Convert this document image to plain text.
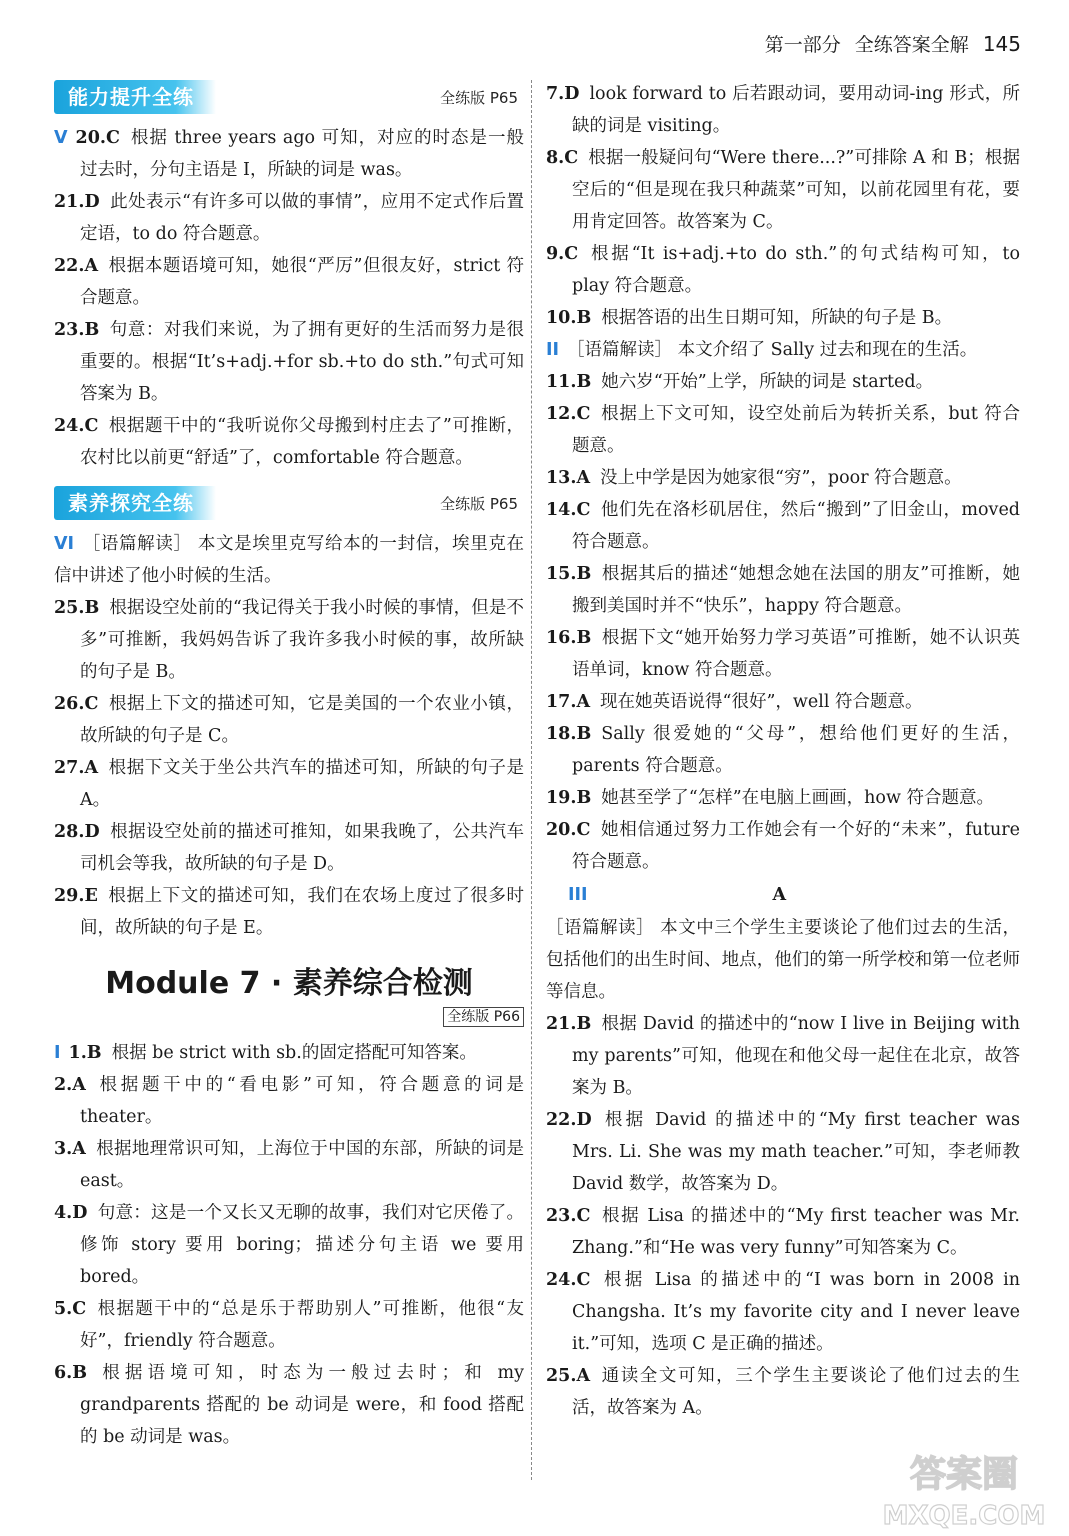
第一部分 全练答案全解 145
能力提升全练	全练版 P65

V 20.C 根据 three years ago 可知，对应的时态是一般过去时，分句主语是 I，所缺的词是 was。

21.D 此处表示“有许多可以做的事情”，应用不定式作后置定语，to do 符合题意。

22.A 根据本题语境可知，她很“严厉”但很友好，strict 符合题意。

23.B 句意：对我们来说，为了拥有更好的生活而努力是很重要的。根据“It’s+adj.+for sb.+to do sth.”句式可知答案为 B。

24.C 根据题干中的“我听说你父母搬到村庄去了”可推断，农村比以前更“舒适”了，comfortable 符合题意。

素养探究全练	全练版 P65

VI ［语篇解读］ 本文是埃里克写给本的一封信，埃里克在信中讲述了他小时候的生活。

25.B 根据设空处前的“我记得关于我小时候的事情，但是不多”可推断，我妈妈告诉了我许多我小时候的事，故所缺的句子是 B。

26.C 根据上下文的描述可知，它是美国的一个农业小镇，故所缺的句子是 C。

27.A 根据下文关于坐公共汽车的描述可知，所缺的句子是 A。

28.D 根据设空处前的描述可推知，如果我晚了，公共汽车司机会等我，故所缺的句子是 D。

29.E 根据上下文的描述可知，我们在农场上度过了很多时间，故所缺的句子是 E。

Module 7 · 素养综合检测
全练版 P66

I 1.B 根据 be strict with sb.的固定搭配可知答案。

2.A 根据题干中的“看电影”可知，符合题意的词是 theater。

3.A 根据地理常识可知，上海位于中国的东部，所缺的词是 east。

4.D 句意：这是一个又长又无聊的故事，我们对它厌倦了。修饰 story 要用 boring；描述分句主语 we 要用 bored。

5.C 根据题干中的“总是乐于帮助别人”可推断，他很“友好”，friendly 符合题意。

6.B 根据语境可知，时态为一般过去时；和 my grandparents 搭配的 be 动词是 were，和 food 搭配的 be 动词是 was。

7.D look forward to 后若跟动词，要用动词-ing 形式，所缺的词是 visiting。

8.C 根据一般疑问句“Were there...?”可排除 A 和 B；根据空后的“但是现在我只种蔬菜”可知，以前花园里有花，要用肯定回答。故答案为 C。

9.C 根据“It is+adj.+to do sth.”的句式结构可知，to play 符合题意。

10.B 根据答语的出生日期可知，所缺的句子是 B。

II ［语篇解读］ 本文介绍了 Sally 过去和现在的生活。

11.B 她六岁“开始”上学，所缺的词是 started。

12.C 根据上下文可知，设空处前后为转折关系，but 符合题意。

13.A 没上中学是因为她家很“穷”，poor 符合题意。

14.C 他们先在洛杉矶居住，然后“搬到”了旧金山，moved 符合题意。

15.B 根据其后的描述“她想念她在法国的朋友”可推断，她搬到美国时并不“快乐”，happy 符合题意。

16.B 根据下文“她开始努力学习英语”可推断，她不认识英语单词，know 符合题意。

17.A 现在她英语说得“很好”，well 符合题意。

18.B Sally 很爱她的“父母”，想给他们更好的生活，parents 符合题意。

19.B 她甚至学了“怎样”在电脑上画画，how 符合题意。

20.C 她相信通过努力工作她会有一个好的“未来”，future 符合题意。

III	A

［语篇解读］ 本文中三个学生主要谈论了他们过去的生活，包括他们的出生时间、地点，他们的第一所学校和第一位老师等信息。

21.B 根据 David 的描述中的“now I live in Beijing with my parents”可知，他现在和他父母一起住在北京，故答案为 B。

22.D 根据 David 的描述中的“My first teacher was Mrs. Li. She was my math teacher.”可知，李老师教 David 数学，故答案为 D。

23.C 根据 Lisa 的描述中的“My first teacher was Mr. Zhang.”和“He was very funny”可知答案为 C。

24.C 根据 Lisa 的描述中的“I was born in 2008 in Changsha. It’s my favorite city and I never leave it.”可知，选项 C 是正确的描述。

25.A 通读全文可知，三个学生主要谈论了他们过去的生活，故答案为 A。

答案圈
MXQE.COM
